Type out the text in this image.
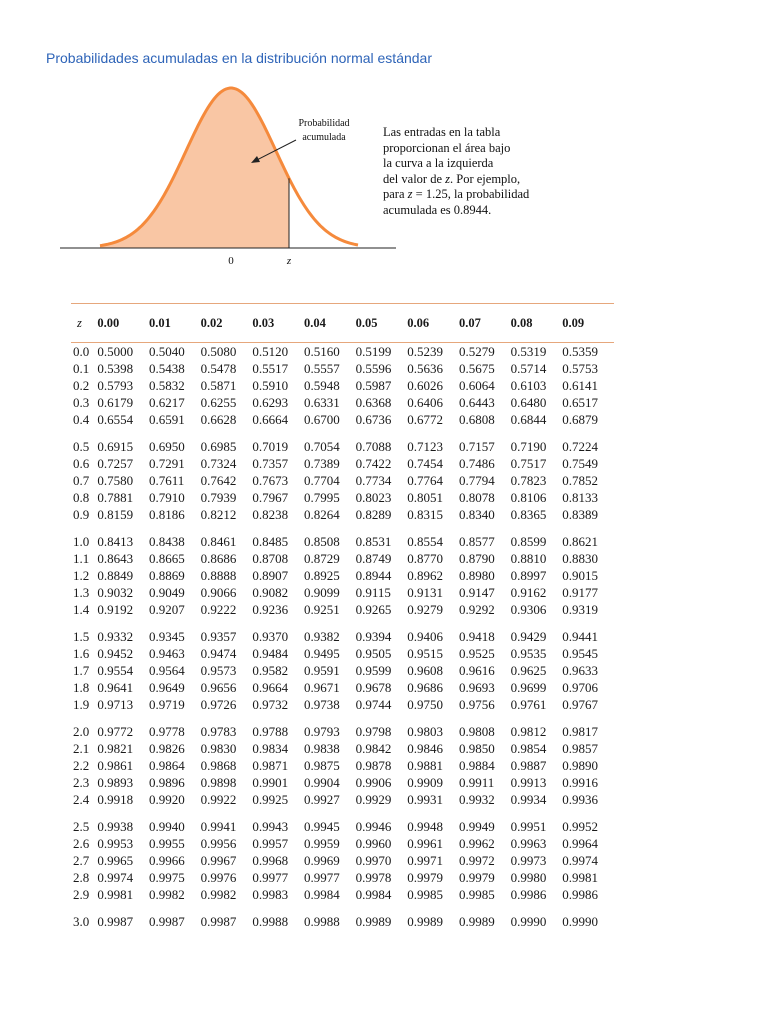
Probabilidades acumuladas en la distribución normal estándar
Probabilidad
acumulada
0	z
Las entradas en la tabla
proporcionan el área bajo
la curva a la izquierda
del valor de z. Por ejemplo,
para z = 1.25, la probabilidad
acumulada es 0.8944.
z	0.00	0.01	0.02	0.03	0.04	0.05	0.06	0.07	0.08	0.09
0.0	0.5000	0.5040	0.5080	0.5120	0.5160	0.5199	0.5239	0.5279	0.5319	0.5359
0.1	0.5398	0.5438	0.5478	0.5517	0.5557	0.5596	0.5636	0.5675	0.5714	0.5753
0.2	0.5793	0.5832	0.5871	0.5910	0.5948	0.5987	0.6026	0.6064	0.6103	0.6141
0.3	0.6179	0.6217	0.6255	0.6293	0.6331	0.6368	0.6406	0.6443	0.6480	0.6517
0.4	0.6554	0.6591	0.6628	0.6664	0.6700	0.6736	0.6772	0.6808	0.6844	0.6879
0.5	0.6915	0.6950	0.6985	0.7019	0.7054	0.7088	0.7123	0.7157	0.7190	0.7224
0.6	0.7257	0.7291	0.7324	0.7357	0.7389	0.7422	0.7454	0.7486	0.7517	0.7549
0.7	0.7580	0.7611	0.7642	0.7673	0.7704	0.7734	0.7764	0.7794	0.7823	0.7852
0.8	0.7881	0.7910	0.7939	0.7967	0.7995	0.8023	0.8051	0.8078	0.8106	0.8133
0.9	0.8159	0.8186	0.8212	0.8238	0.8264	0.8289	0.8315	0.8340	0.8365	0.8389
1.0	0.8413	0.8438	0.8461	0.8485	0.8508	0.8531	0.8554	0.8577	0.8599	0.8621
1.1	0.8643	0.8665	0.8686	0.8708	0.8729	0.8749	0.8770	0.8790	0.8810	0.8830
1.2	0.8849	0.8869	0.8888	0.8907	0.8925	0.8944	0.8962	0.8980	0.8997	0.9015
1.3	0.9032	0.9049	0.9066	0.9082	0.9099	0.9115	0.9131	0.9147	0.9162	0.9177
1.4	0.9192	0.9207	0.9222	0.9236	0.9251	0.9265	0.9279	0.9292	0.9306	0.9319
1.5	0.9332	0.9345	0.9357	0.9370	0.9382	0.9394	0.9406	0.9418	0.9429	0.9441
1.6	0.9452	0.9463	0.9474	0.9484	0.9495	0.9505	0.9515	0.9525	0.9535	0.9545
1.7	0.9554	0.9564	0.9573	0.9582	0.9591	0.9599	0.9608	0.9616	0.9625	0.9633
1.8	0.9641	0.9649	0.9656	0.9664	0.9671	0.9678	0.9686	0.9693	0.9699	0.9706
1.9	0.9713	0.9719	0.9726	0.9732	0.9738	0.9744	0.9750	0.9756	0.9761	0.9767
2.0	0.9772	0.9778	0.9783	0.9788	0.9793	0.9798	0.9803	0.9808	0.9812	0.9817
2.1	0.9821	0.9826	0.9830	0.9834	0.9838	0.9842	0.9846	0.9850	0.9854	0.9857
2.2	0.9861	0.9864	0.9868	0.9871	0.9875	0.9878	0.9881	0.9884	0.9887	0.9890
2.3	0.9893	0.9896	0.9898	0.9901	0.9904	0.9906	0.9909	0.9911	0.9913	0.9916
2.4	0.9918	0.9920	0.9922	0.9925	0.9927	0.9929	0.9931	0.9932	0.9934	0.9936
2.5	0.9938	0.9940	0.9941	0.9943	0.9945	0.9946	0.9948	0.9949	0.9951	0.9952
2.6	0.9953	0.9955	0.9956	0.9957	0.9959	0.9960	0.9961	0.9962	0.9963	0.9964
2.7	0.9965	0.9966	0.9967	0.9968	0.9969	0.9970	0.9971	0.9972	0.9973	0.9974
2.8	0.9974	0.9975	0.9976	0.9977	0.9977	0.9978	0.9979	0.9979	0.9980	0.9981
2.9	0.9981	0.9982	0.9982	0.9983	0.9984	0.9984	0.9985	0.9985	0.9986	0.9986
3.0	0.9987	0.9987	0.9987	0.9988	0.9988	0.9989	0.9989	0.9989	0.9990	0.9990
